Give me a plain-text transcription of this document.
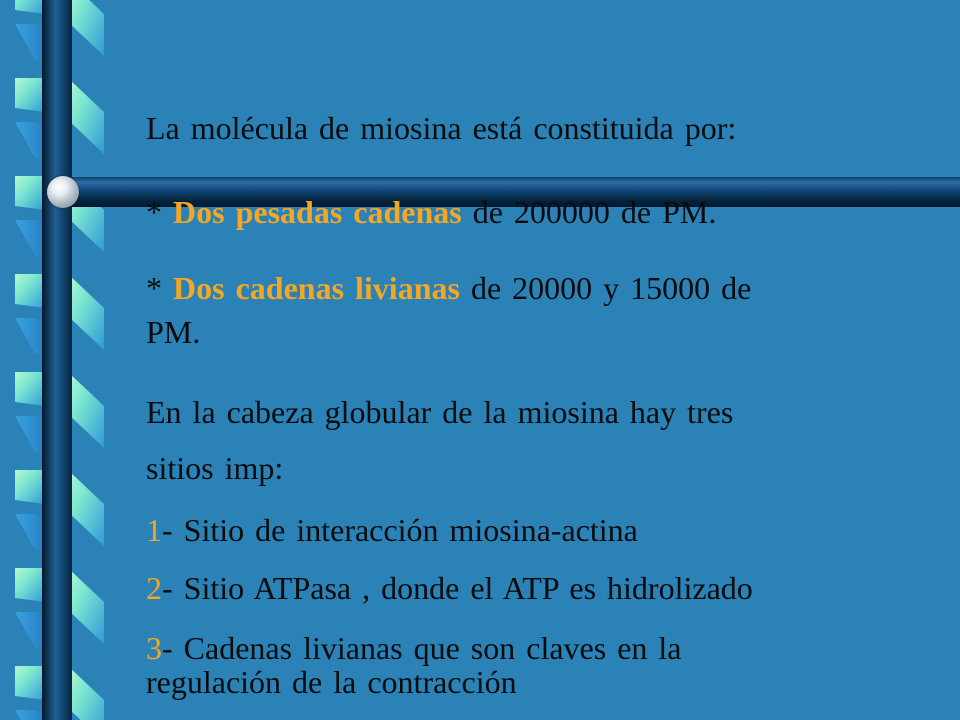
La molécula de miosina está constituida por:
* Dos pesadas cadenas de 200000 de PM.
* Dos cadenas livianas de 20000 y 15000 de
PM.
En la cabeza globular de la miosina hay tres
sitios imp:
1- Sitio de interacción miosina-actina
2- Sitio ATPasa , donde el ATP es hidrolizado
3- Cadenas livianas que son claves en la
regulación de la contracción
